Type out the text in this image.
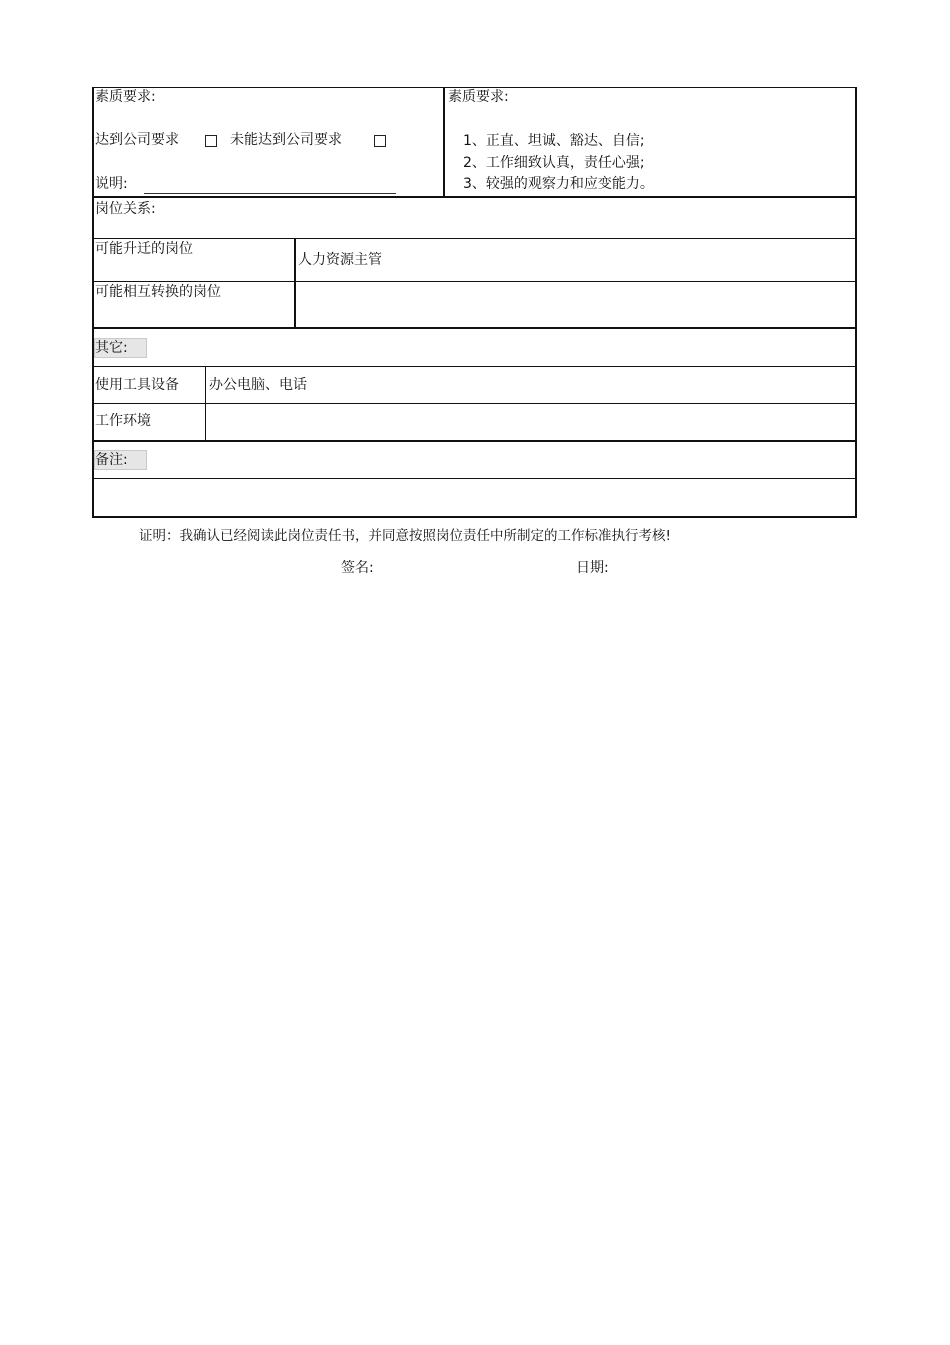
素质要求:
达到公司要求	未能达到公司要求
说明:
素质要求:
1、正直、坦诚、豁达、自信;
2、工作细致认真，责任心强;
3、较强的观察力和应变能力。
岗位关系:
可能升迁的岗位
人力资源主管
可能相互转换的岗位
其它:
使用工具设备 办公电脑、电话
工作环境
备注:
证明：我确认已经阅读此岗位责任书，并同意按照岗位责任中所制定的工作标准执行考核!
签名:	日期:
